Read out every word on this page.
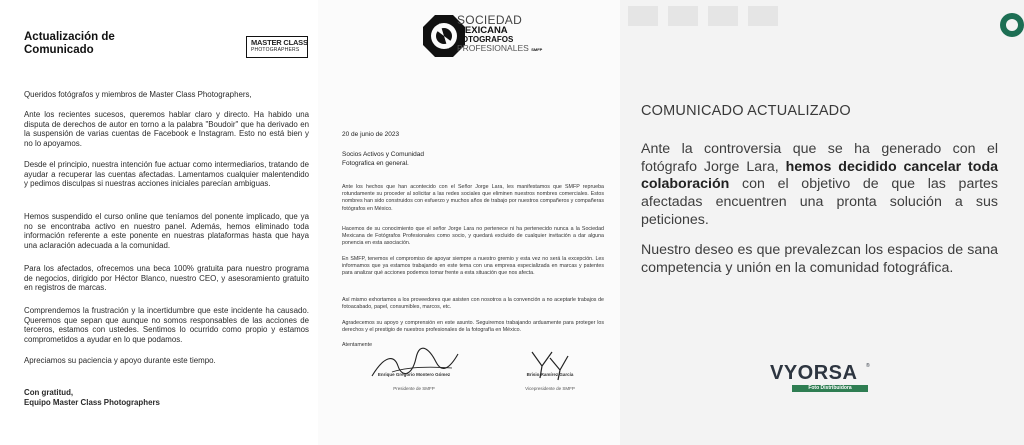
Actualización de Comunicado
MASTER CLASS
PHOTOGRAPHERS
Queridos fotógrafos y miembros de Master Class Photographers,
Ante los recientes sucesos, queremos hablar claro y directo. Ha habido una disputa de derechos de autor en torno a la palabra "Boudoir" que ha derivado en la suspensión de varias cuentas de Facebook e Instagram. Esto no está bien y no lo apoyamos.
Desde el principio, nuestra intención fue actuar como intermediarios, tratando de ayudar a recuperar las cuentas afectadas. Lamentamos cualquier malentendido y pedimos disculpas si nuestras acciones iniciales parecían ambiguas.
Hemos suspendido el curso online que teníamos del ponente implicado, que ya no se encontraba activo en nuestro panel. Además, hemos eliminado toda información referente a este ponente en nuestras plataformas hasta que haya una aclaración adecuada a la comunidad.
Para los afectados, ofrecemos una beca 100% gratuita para nuestro programa de negocios, dirigido por Héctor Blanco, nuestro CEO, y asesoramiento gratuito en registros de marcas.
Comprendemos la frustración y la incertidumbre que este incidente ha causado. Queremos que sepan que aunque no somos responsables de las acciones de terceros, estamos con ustedes. Sentimos lo ocurrido como propio y estamos comprometidos a ayudar en lo que podamos.
Apreciamos su paciencia y apoyo durante este tiempo.
Con gratitud,
Equipo Master Class Photographers
SOCIEDAD
MEXICANA
FOTOGRAFOS
PROFESIONALES SMFP
20 de junio de 2023
Socios Activos y Comunidad
Fotografica en general.
Ante los hechos que han acontecido con el Señor Jorge Lara, les manifestamos que SMFP reprueba rotundamente su proceder al solicitar a las redes sociales que eliminen nuestros nombres comerciales. Estos nombres han sido construidos con esfuerzo y muchos años de trabajo por nuestros compañeros y compañeras fotógrafos en México.
Hacemos de su conocimiento que el señor Jorge Lara no pertenece ni ha pertenecido nunca a la Sociedad Mexicana de Fotógrafos Profesionales como socio, y quedará excluido de cualquier invitación a dar alguna ponencia en esta asociación.
En SMFP, tenemos el compromiso de apoyar siempre a nuestro gremio y esta vez no será la excepción. Les informamos que ya estamos trabajando en este tema con una empresa especializada en marcas y patentes para analizar qué acciones podemos tomar frente a esta situación que nos afecta.
Así mismo exhortamos a los proveedores que asisten con nosotros a la convención a no aceptarle trabajos de fotoacabado, papel, consumibles, marcos, etc.
Agradecemos su apoyo y comprensión en este asunto. Seguiremos trabajando arduamente para proteger los derechos y el prestigio de nuestros profesionales de la fotografía en México.
Atentamente
Enrique Gregorio Montero Gómez
Presidente de SMFP
Brisio Ramírez García
Vicepresidente de SMFP
COMUNICADO ACTUALIZADO
Ante la controversia que se ha generado con el fotógrafo Jorge Lara, hemos decidido cancelar toda colaboración con el objetivo de que las partes afectadas encuentren una pronta solución a sus peticiones.
Nuestro deseo es que prevalezcan los espacios de sana competencia y unión en la comunidad fotográfica.
VYORSA	®
Foto Distribuidora
